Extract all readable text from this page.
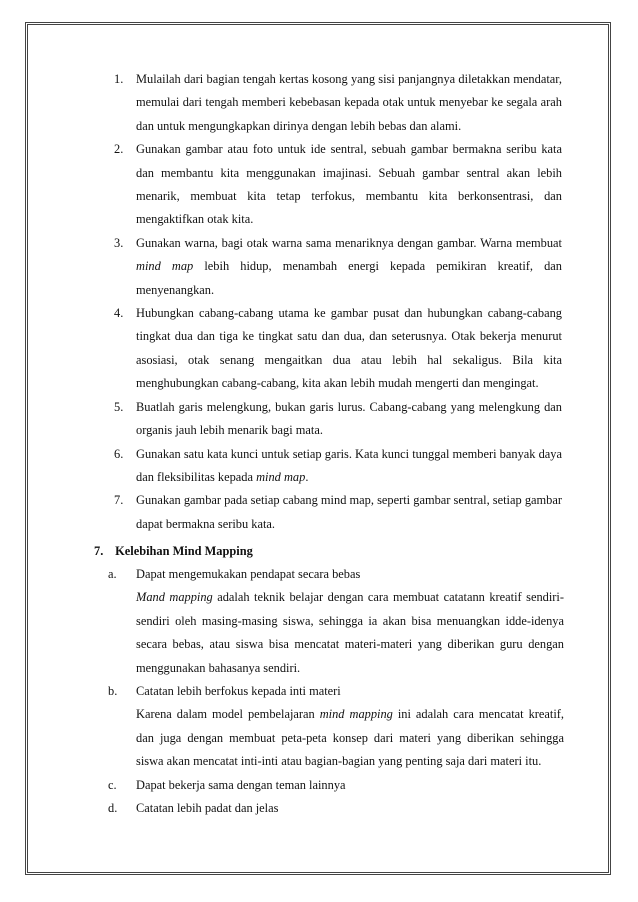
1. Mulailah dari bagian tengah kertas kosong yang sisi panjangnya diletakkan mendatar, memulai dari tengah memberi kebebasan kepada otak untuk menyebar ke segala arah dan untuk mengungkapkan dirinya dengan lebih bebas dan alami.
2. Gunakan gambar atau foto untuk ide sentral, sebuah gambar bermakna seribu kata dan membantu kita menggunakan imajinasi. Sebuah gambar sentral akan lebih menarik, membuat kita tetap terfokus, membantu kita berkonsentrasi, dan mengaktifkan otak kita.
3. Gunakan warna, bagi otak warna sama menariknya dengan gambar. Warna membuat mind map lebih hidup, menambah energi kepada pemikiran kreatif, dan menyenangkan.
4. Hubungkan cabang-cabang utama ke gambar pusat dan hubungkan cabang-cabang tingkat dua dan tiga ke tingkat satu dan dua, dan seterusnya. Otak bekerja menurut asosiasi, otak senang mengaitkan dua atau lebih hal sekaligus. Bila kita menghubungkan cabang-cabang, kita akan lebih mudah mengerti dan mengingat.
5. Buatlah garis melengkung, bukan garis lurus. Cabang-cabang yang melengkung dan organis jauh lebih menarik bagi mata.
6. Gunakan satu kata kunci untuk setiap garis. Kata kunci tunggal memberi banyak daya dan fleksibilitas kepada mind map.
7. Gunakan gambar pada setiap cabang mind map, seperti gambar sentral, setiap gambar dapat bermakna seribu kata.
7. Kelebihan Mind Mapping
a. Dapat mengemukakan pendapat secara bebas

Mand mapping adalah teknik belajar dengan cara membuat catatann kreatif sendiri-sendiri oleh masing-masing siswa, sehingga ia akan bisa menuangkan idde-idenya secara bebas, atau siswa bisa mencatat materi-materi yang diberikan guru dengan menggunakan bahasanya sendiri.

b. Catatan lebih berfokus kepada inti materi

Karena dalam model pembelajaran mind mapping ini adalah cara mencatat kreatif, dan juga dengan membuat peta-peta konsep dari materi yang diberikan sehingga siswa akan mencatat inti-inti atau bagian-bagian yang penting saja dari materi itu.

c. Dapat bekerja sama dengan teman lainnya

d. Catatan lebih padat dan jelas
